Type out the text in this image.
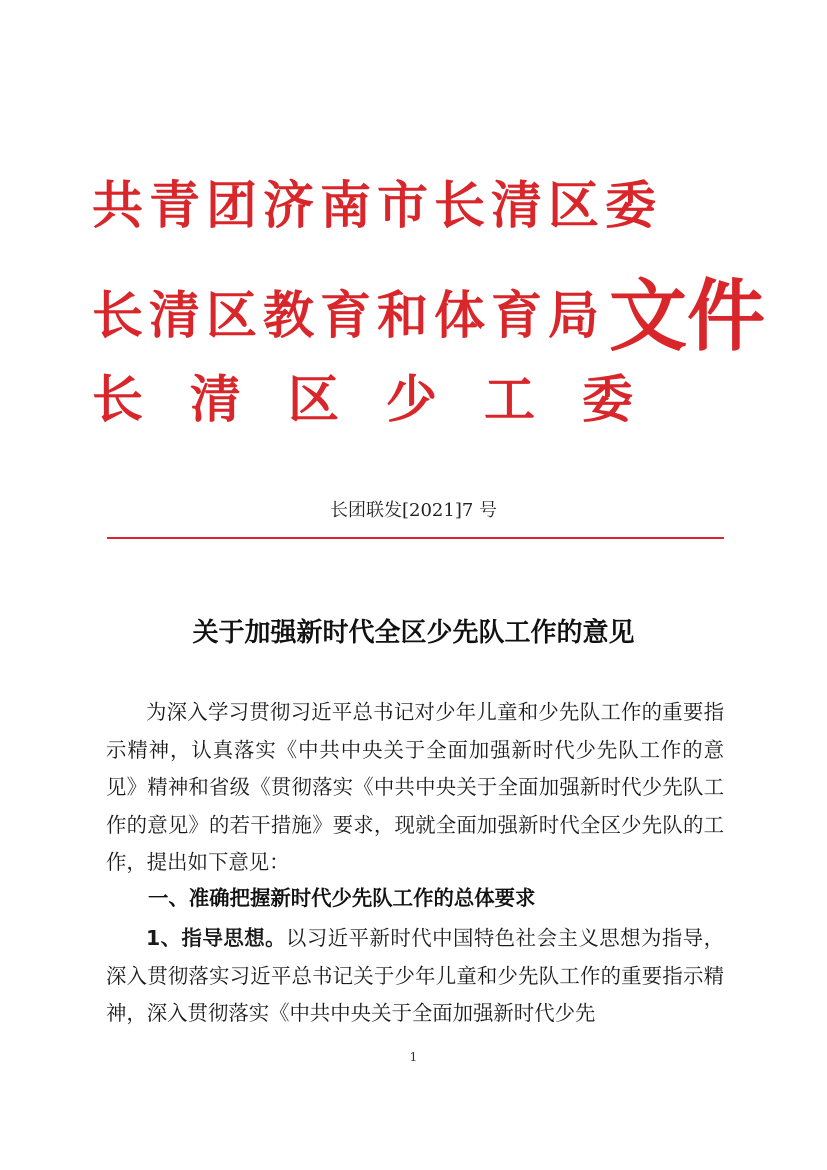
共青团济南市长清区委
长清区教育和体育局 文件
长清区少工委
长团联发[2021]7 号
关于加强新时代全区少先队工作的意见
为深入学习贯彻习近平总书记对少年儿童和少先队工作的重要指示精神，认真落实《中共中央关于全面加强新时代少先队工作的意见》精神和省级《贯彻落实《中共中央关于全面加强新时代少先队工作的意见》的若干措施》要求，现就全面加强新时代全区少先队的工作，提出如下意见：
一、准确把握新时代少先队工作的总体要求
1、指导思想。以习近平新时代中国特色社会主义思想为指导，深入贯彻落实习近平总书记关于少年儿童和少先队工作的重要指示精神，深入贯彻落实《中共中央关于全面加强新时代少先
1
